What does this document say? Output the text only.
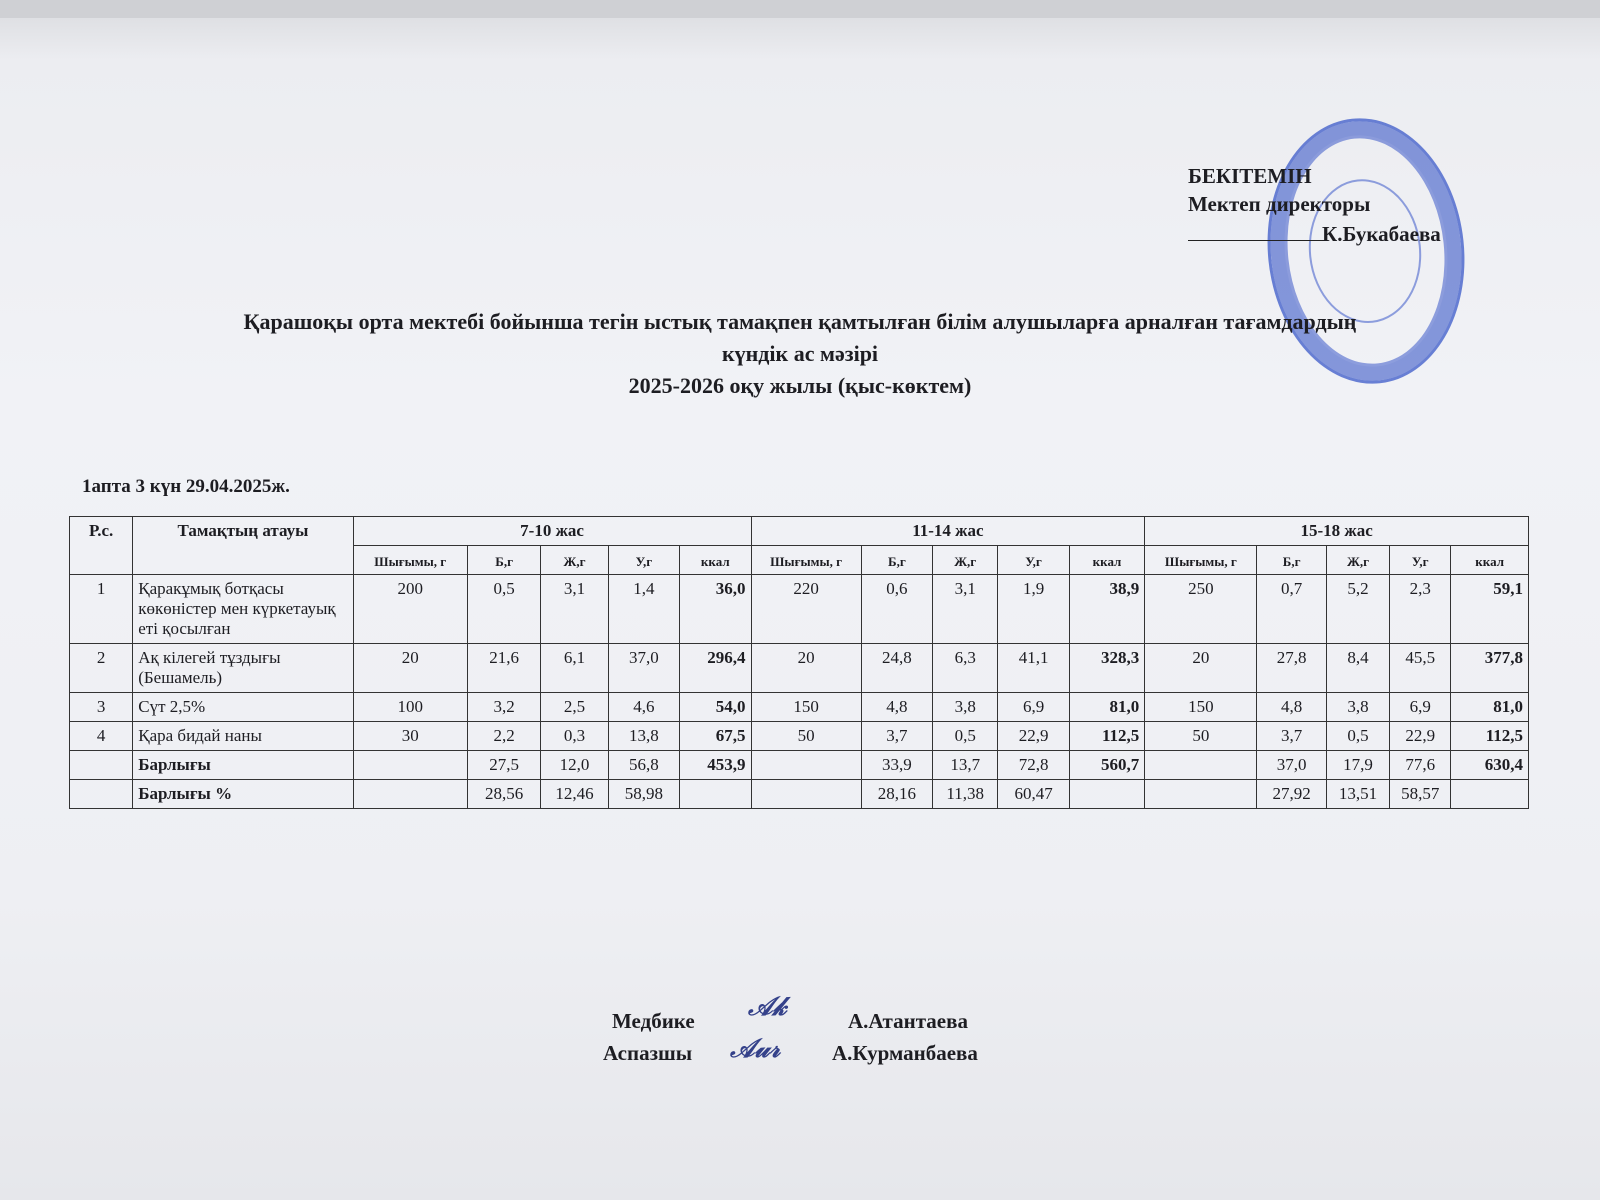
БЕКІТЕМІН
Мектеп директоры
К.Букабаева
Қарашоқы орта мектебі бойынша тегін ыстық тамақпен қамтылған білім алушыларға арналған тағамдардың
күндік ас мәзірі
2025-2026 оқу жылы (қыс-көктем)
1апта 3 күн 29.04.2025ж.
Р.с.	Тамақтың атауы	7-10 жас					11-14 жас					15-18 жас				
		Шығымы, г	Б,г	Ж,г	У,г	ккал	Шығымы, г	Б,г	Ж,г	У,г	ккал	Шығымы, г	Б,г	Ж,г	У,г	ккал
1	Қаракұмық ботқасы көкөністер мен күркетауық еті қосылған	200	0,5	3,1	1,4	36,0	220	0,6	3,1	1,9	38,9	250	0,7	5,2	2,3	59,1
2	Ақ кілегей тұздығы (Бешамель)	20	21,6	6,1	37,0	296,4	20	24,8	6,3	41,1	328,3	20	27,8	8,4	45,5	377,8
3	Сүт 2,5%	100	3,2	2,5	4,6	54,0	150	4,8	3,8	6,9	81,0	150	4,8	3,8	6,9	81,0
4	Қара бидай наны	30	2,2	0,3	13,8	67,5	50	3,7	0,5	22,9	112,5	50	3,7	0,5	22,9	112,5
	Барлығы		27,5	12,0	56,8	453,9		33,9	13,7	72,8	560,7		37,0	17,9	77,6	630,4
	Барлығы %		28,56	12,46	58,98			28,16	11,38	60,47			27,92	13,51	58,57	
Медбике 𝒜𝓀	А.Атантаева
Аспазшы 𝒜𝓊𝓇 А.Курманбаева
